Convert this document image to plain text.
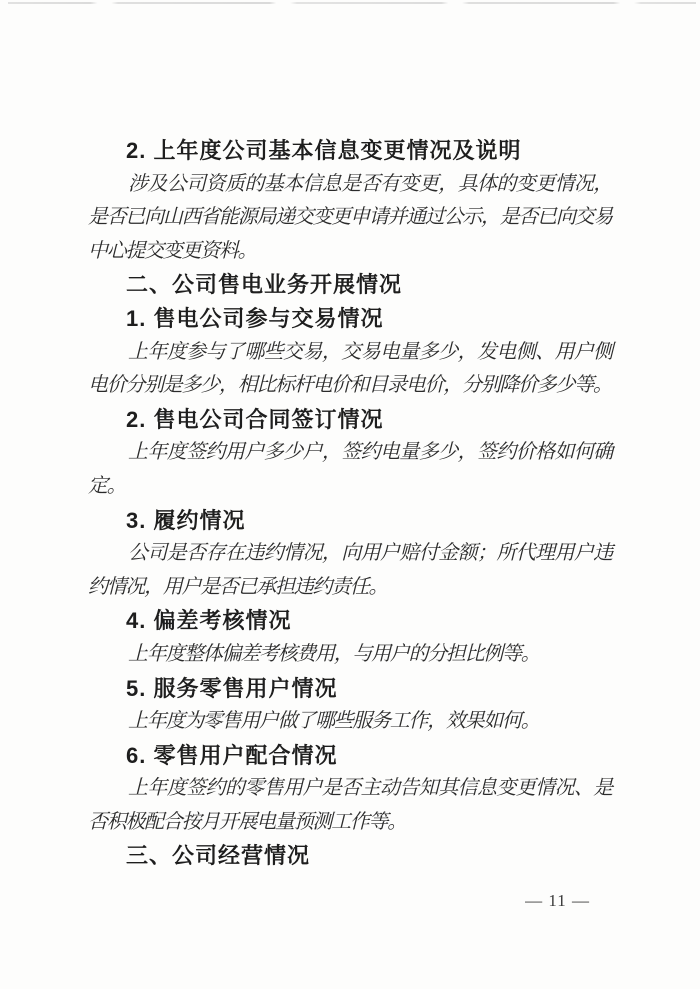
2. 上年度公司基本信息变更情况及说明

涉及公司资质的基本信息是否有变更，具体的变更情况，是否已向山西省能源局递交变更申请并通过公示，是否已向交易中心提交变更资料。

二、公司售电业务开展情况
1. 售电公司参与交易情况

上年度参与了哪些交易，交易电量多少，发电侧、用户侧电价分别是多少，相比标杆电价和目录电价，分别降价多少等。

2. 售电公司合同签订情况

上年度签约用户多少户，签约电量多少，签约价格如何确定。

3. 履约情况

公司是否存在违约情况，向用户赔付金额；所代理用户违约情况，用户是否已承担违约责任。

4. 偏差考核情况

上年度整体偏差考核费用，与用户的分担比例等。

5. 服务零售用户情况

上年度为零售用户做了哪些服务工作，效果如何。

6. 零售用户配合情况

上年度签约的零售用户是否主动告知其信息变更情况、是否积极配合按月开展电量预测工作等。

三、公司经营情况
— 11 —
